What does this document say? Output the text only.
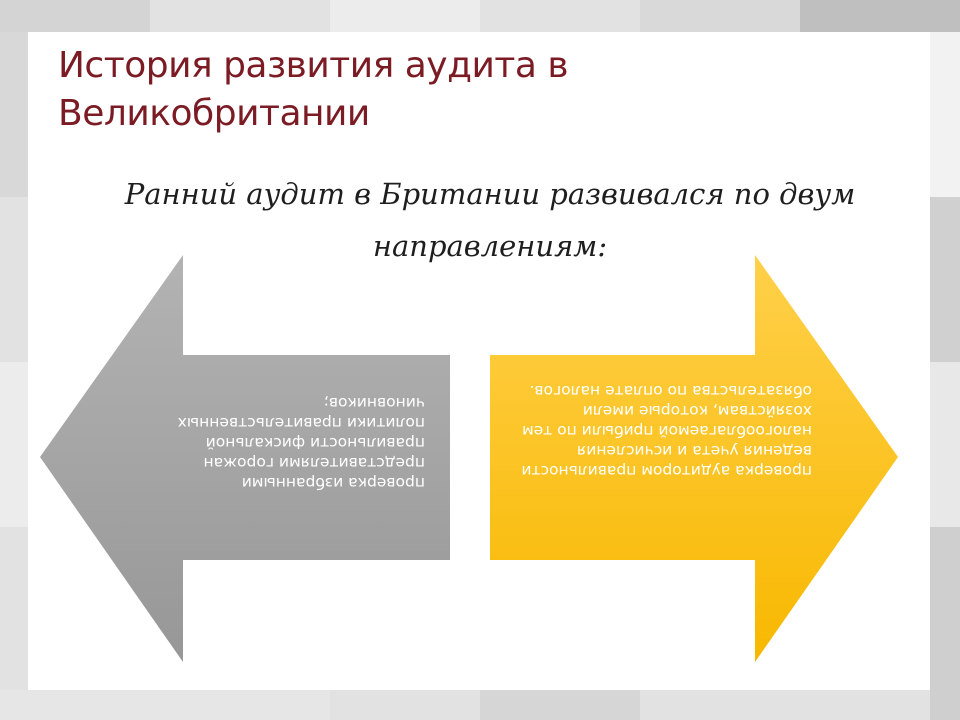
История развития аудита в Великобритании
Ранний аудит в Британии развивался по двум направлениям:
проверка избранными представителями горожан правильности фискальной политики правительственных чиновников;
проверка аудитором правильности ведения учета и исчисления налогооблагаемой прибыли по тем хозяйствам, которые имели обязательства по оплате налогов.
